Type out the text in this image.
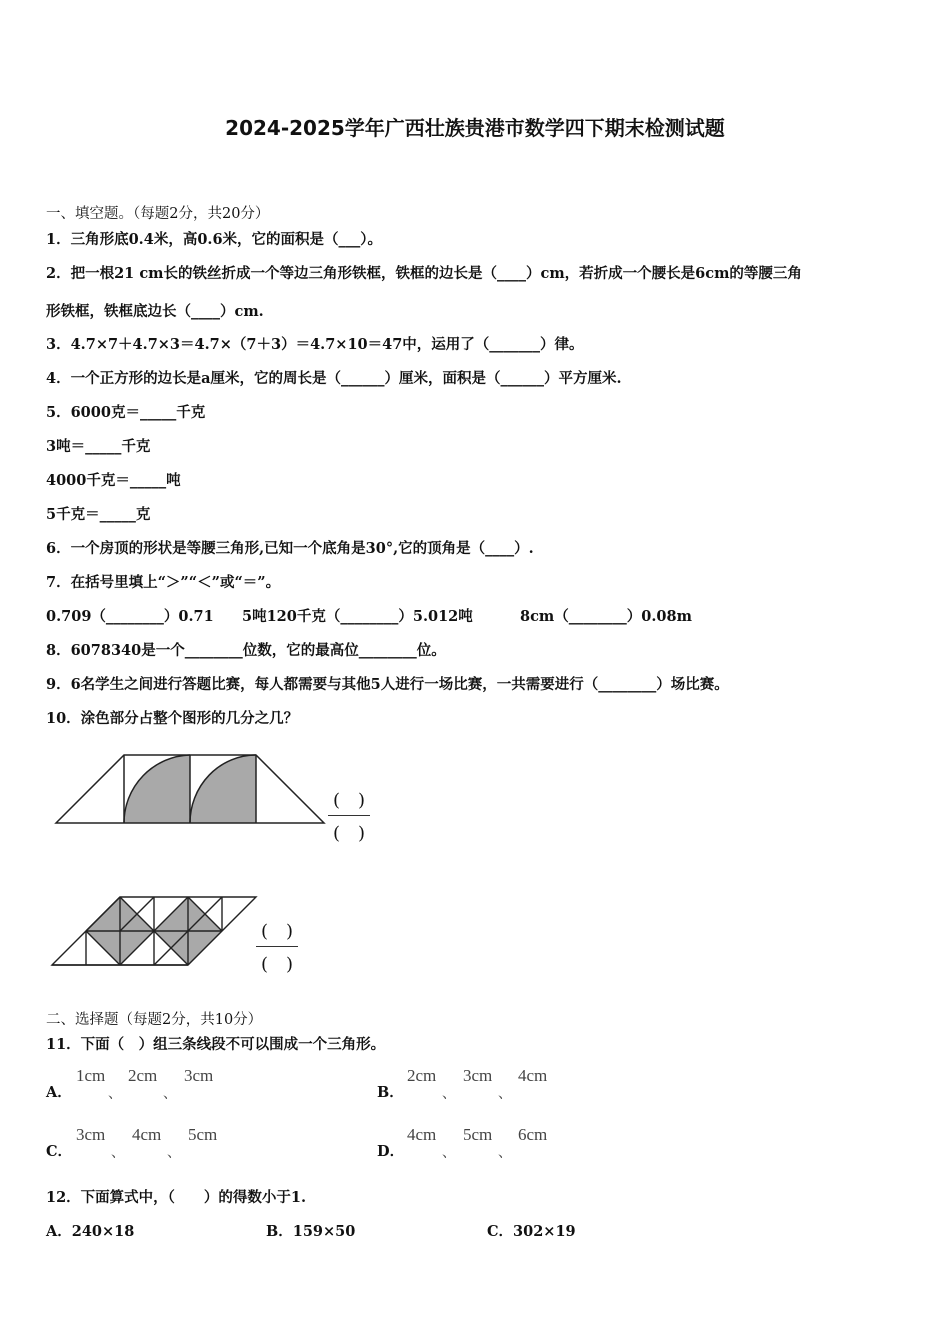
2024-2025学年广西壮族贵港市数学四下期末检测试题
一、填空题。（每题2分，共20分）
1．三角形底0.4米，高0.6米，它的面积是（___）。
2．把一根21 cm长的铁丝折成一个等边三角形铁框，铁框的边长是（____）cm，若折成一个腰长是6cm的等腰三角
形铁框，铁框底边长（____）cm.
3．4.7×7＋4.7×3＝4.7×（7＋3）＝4.7×10＝47中，运用了（_______）律。
4．一个正方形的边长是a厘米，它的周长是（______）厘米，面积是（______）平方厘米.
5．6000克＝_____千克
3吨＝_____千克
4000千克＝_____吨
5千克＝_____克
6．一个房顶的形状是等腰三角形,已知一个底角是30°,它的顶角是（____）.
7．在括号里填上“＞”“＜”或“＝”。
0.709（________）0.71 5吨120千克（________）5.012吨	8cm（________）0.08m
8．6078340是一个________位数，它的最高位________位。
9．6名学生之间进行答题比赛，每人都需要与其他5人进行一场比赛，一共需要进行（________）场比赛。
10．涂色部分占整个图形的几分之几？
(　)
(　)
(　)
(　)
二、选择题（每题2分，共10分）
11．下面（　）组三条线段不可以围成一个三角形。
A．
1cm
、
2cm
、
3cm
B．
2cm
、
3cm
、
4cm
C．
3cm
、
4cm
、
5cm
D．
4cm
、
5cm
、
6cm
12．下面算式中，（　　）的得数小于1.
A．240×18	B．159×50	C．302×19
